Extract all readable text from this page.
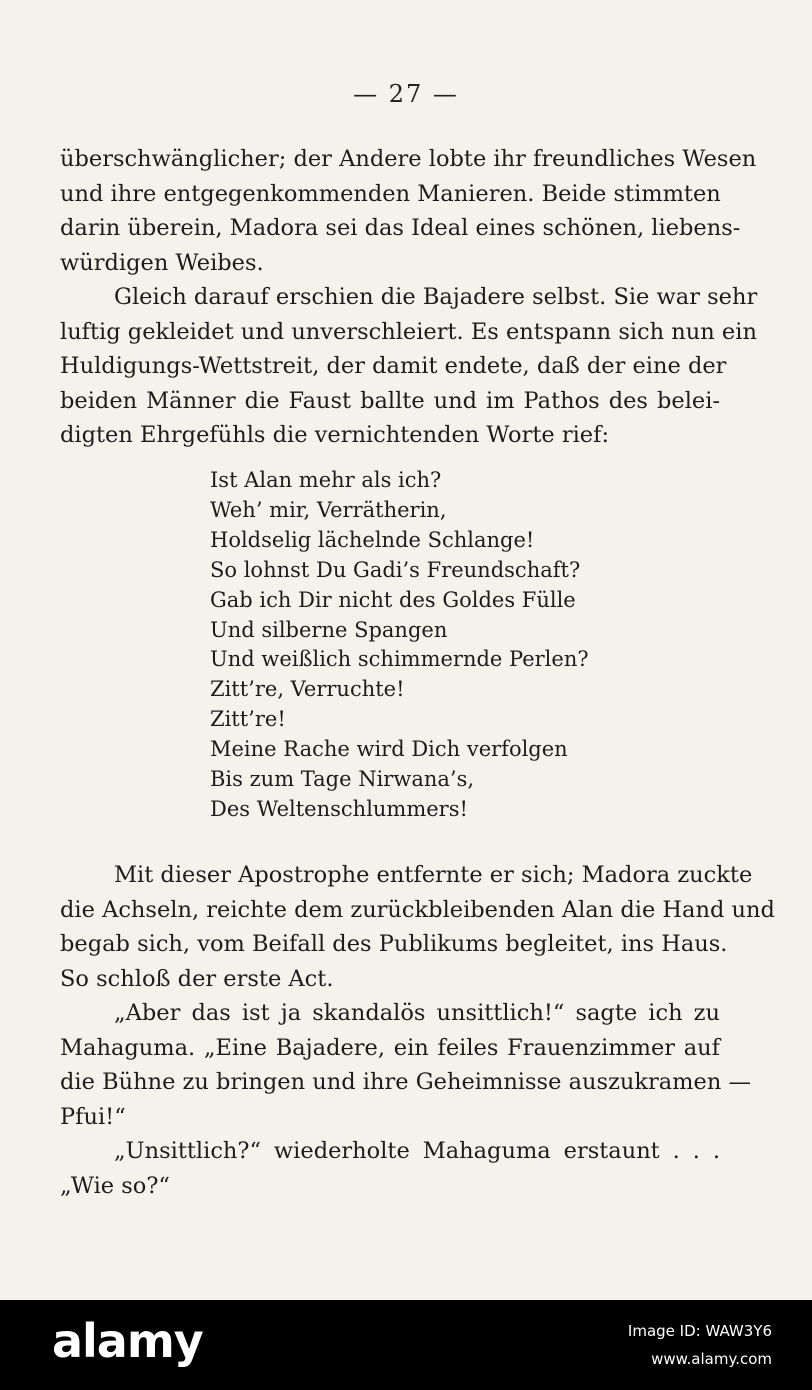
— 27 —
überschwänglicher; der Andere lobte ihr freundliches Wesen
und ihre entgegenkommenden Manieren. Beide stimmten
darin überein, Madora sei das Ideal eines schönen, liebens-
würdigen Weibes.
Gleich darauf erschien die Bajadere selbst. Sie war sehr
luftig gekleidet und unverschleiert. Es entspann sich nun ein
Huldigungs-Wettstreit, der damit endete, daß der eine der
beiden Männer die Faust ballte und im Pathos des belei-
digten Ehrgefühls die vernichtenden Worte rief:
Ist Alan mehr als ich?
Weh’ mir, Verrätherin,
Holdselig lächelnde Schlange!
So lohnst Du Gadi’s Freundschaft?
Gab ich Dir nicht des Goldes Fülle
Und silberne Spangen
Und weißlich schimmernde Perlen?
Zitt’re, Verruchte!
Zitt’re!
Meine Rache wird Dich verfolgen
Bis zum Tage Nirwana’s,
Des Weltenschlummers!
Mit dieser Apostrophe entfernte er sich; Madora zuckte
die Achseln, reichte dem zurückbleibenden Alan die Hand und
begab sich, vom Beifall des Publikums begleitet, ins Haus.
So schloß der erste Act.
„Aber das ist ja skandalös unsittlich!“ sagte ich zu
Mahaguma. „Eine Bajadere, ein feiles Frauenzimmer auf
die Bühne zu bringen und ihre Geheimnisse auszukramen —
Pfui!“
„Unsittlich?“ wiederholte Mahaguma erstaunt . . .
„Wie so?“
alamy	Image ID: WAW3Y6
www.alamy.com
